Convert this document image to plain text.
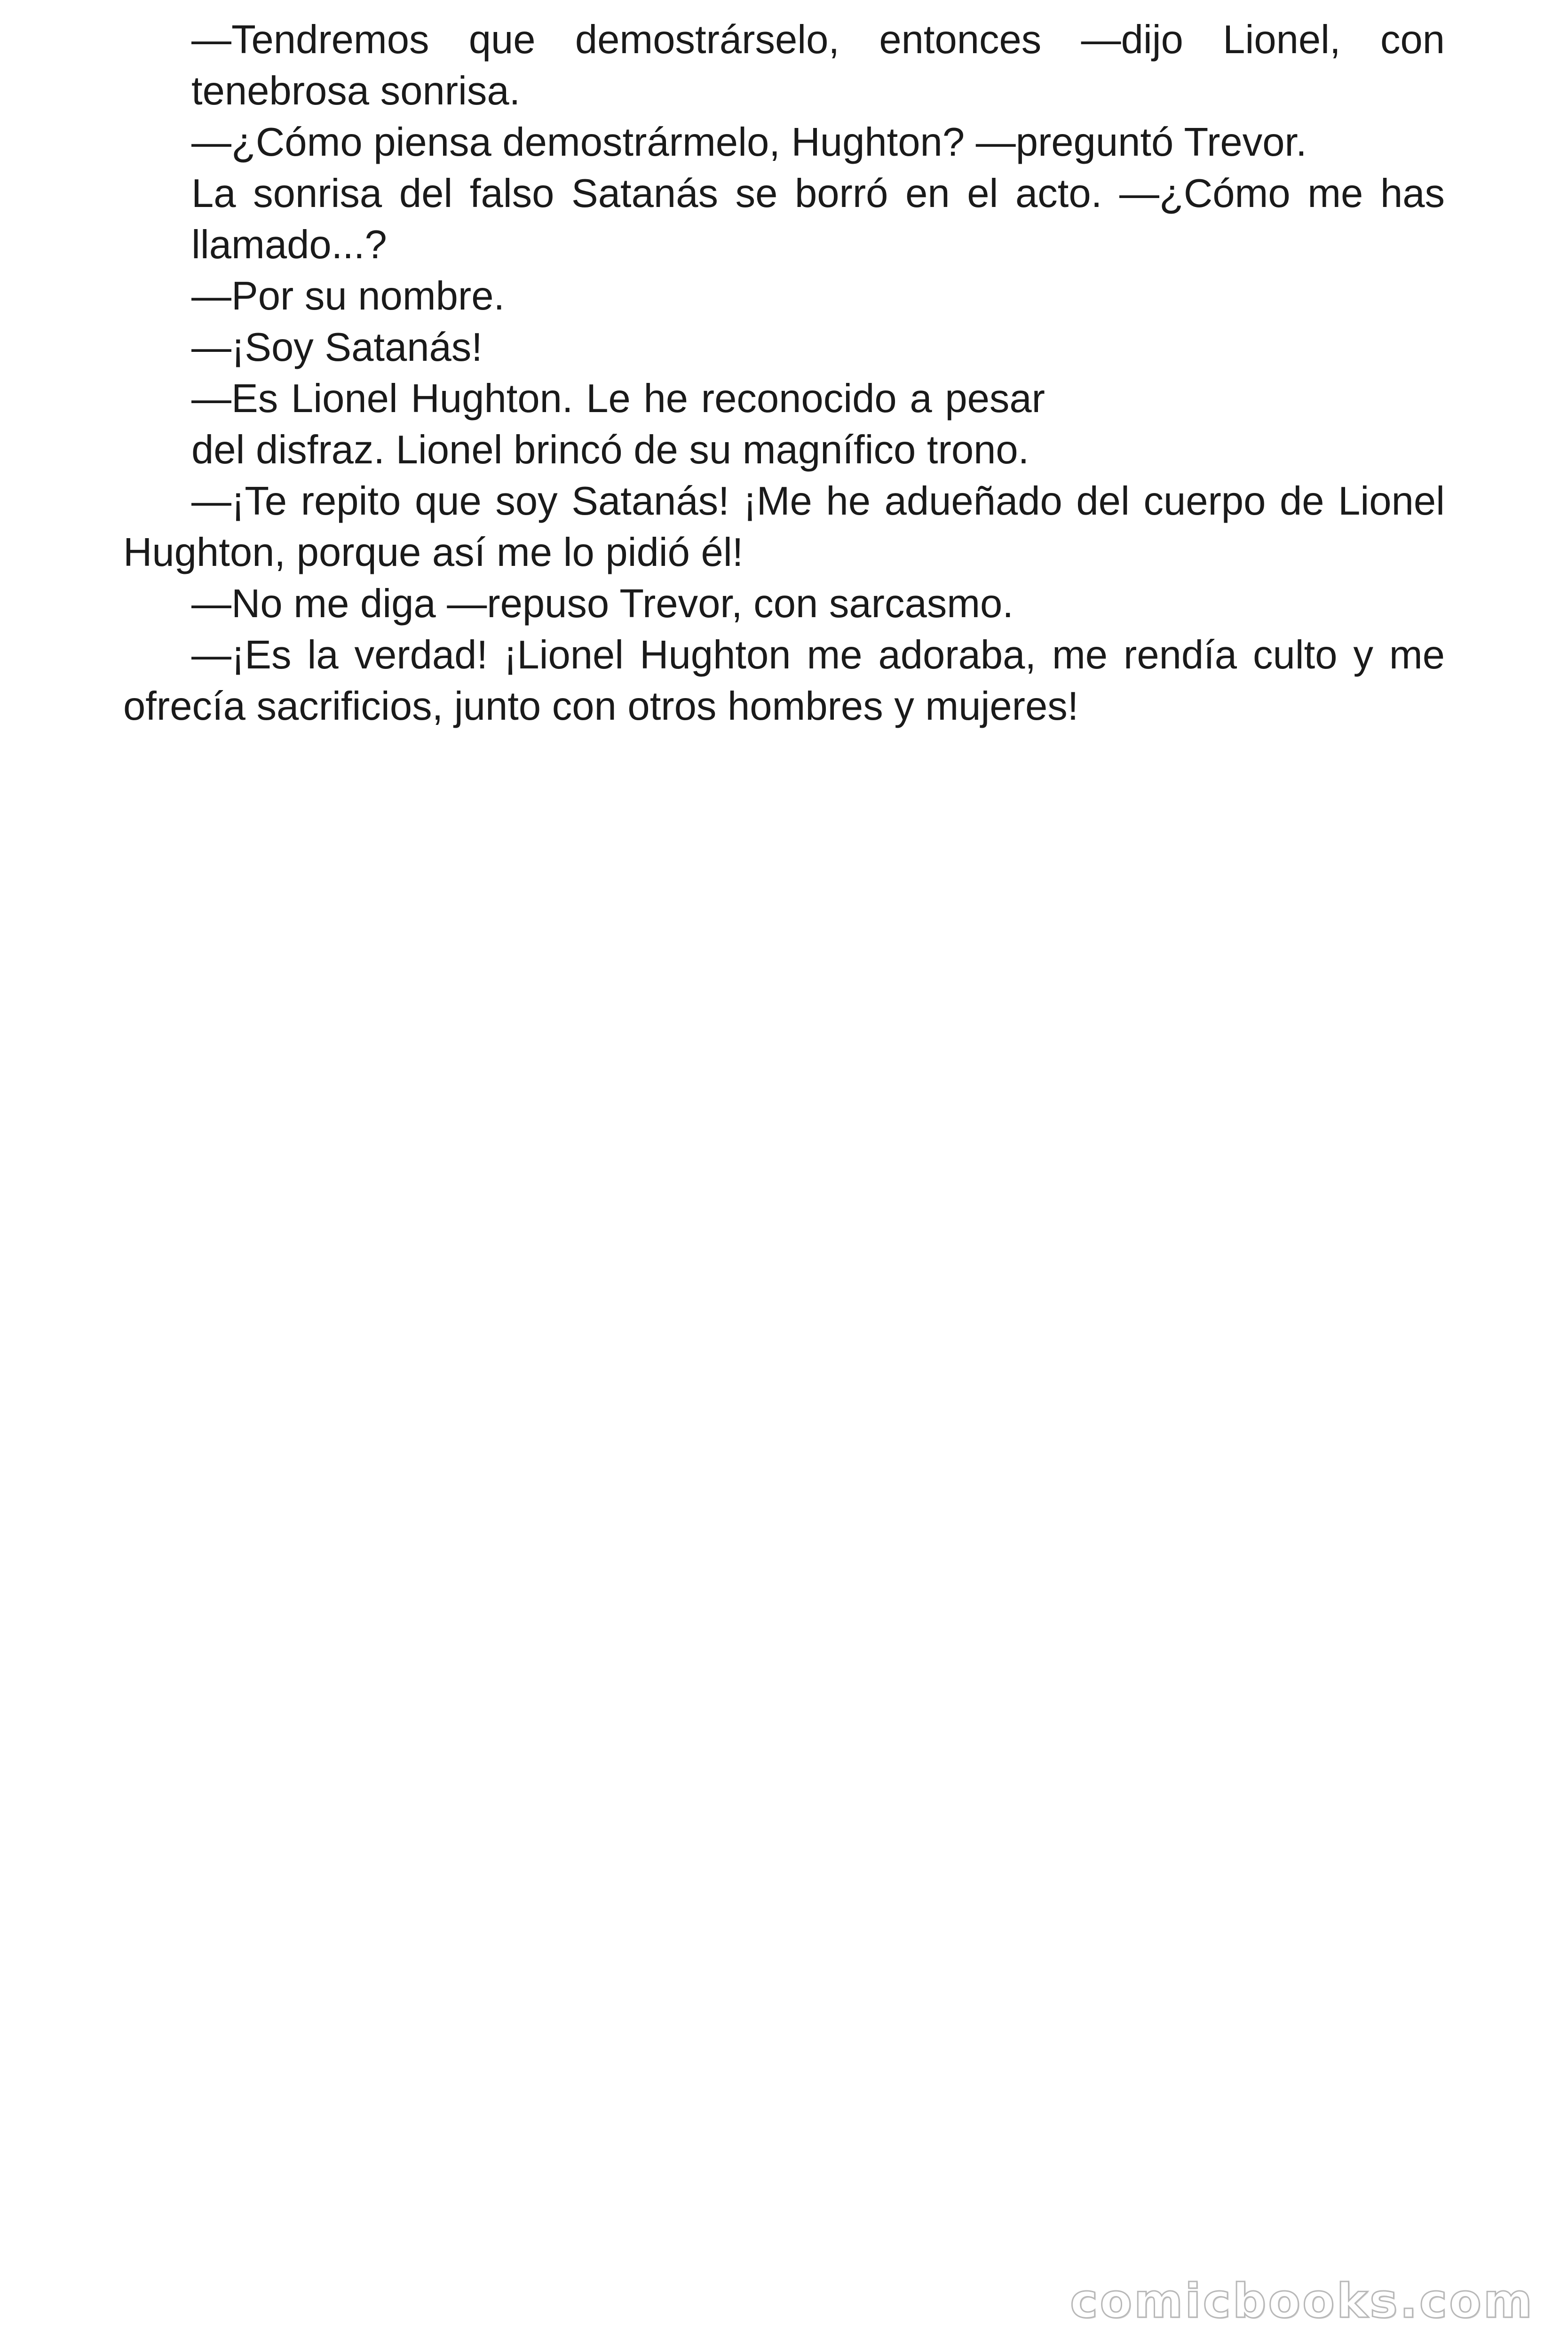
—Tendremos que demostrárselo, entonces —dijo Lionel, con tenebrosa sonrisa.

—¿Cómo piensa demostrármelo, Hughton? —preguntó Trevor.

La sonrisa del falso Satanás se borró en el acto. —¿Cómo me has llamado...?

—Por su nombre.

—¡Soy Satanás!

—Es Lionel Hughton. Le he reconocido a pesar del disfraz. Lionel brincó de su magnífico trono.

—¡Te repito que soy Satanás! ¡Me he adueñado del cuerpo de Lionel Hughton, porque así me lo pidió él!

—No me diga —repuso Trevor, con sarcasmo.

—¡Es la verdad! ¡Lionel Hughton me adoraba, me rendía culto y me ofrecía sacrificios, junto con otros hombres y mujeres!

comicbooks.com
